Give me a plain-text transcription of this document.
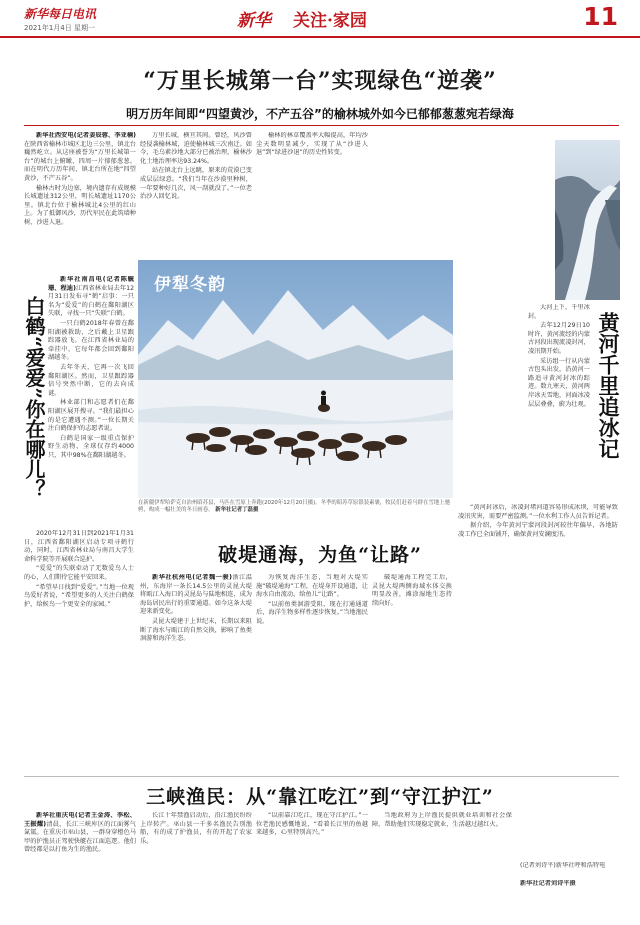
新华每日电讯
2021年1月4日 星期一	新华 关注·家园	11
“万里长城第一台”实现绿色“逆袭”
明万历年间即“四望黄沙，不产五谷”的榆林城外如今已郁郁葱葱宛若绿海

新华社西安电(记者姜辰蓉、李亚楠)在陕西省榆林市城区北边三公里，镇北台巍然屹立。从这座被誉为“万里长城第一台”的城台上俯瞰，四周一片郁郁葱葱。而在明代万历年间，镇北台所在地“四望黄沙，不产五谷”。

榆林古时为边塞，境内遗存有成规模长城遗址312公里，明长城遗址1170公里。镇北台位于榆林城北4公里的红山上。为了抵御风沙，历代军民在此筑墙种树，沙进人退。

万里长城，横亘其间。曾经，风沙曾经侵袭榆林城，迫使榆林城三次南迁。如今，毛乌素沙地大部分已被治理，榆林沙化土地治理率达93.24%。

站在镇北台上远眺，原来的荒漠已变成层层绿意。“我们当年在沙漠里种树，一年要种好几次，风一刮就没了。”一位老治沙人回忆说。

榆林的林草覆盖率大幅提高，年均沙尘天数明显减少，实现了从“沙进人退”到“绿进沙退”的历史性转变。

白鹤“爱爱”你在哪儿？

新华社南昌电(记者陈毓珊、程迪)江西省林业局去年12月31日发布寻“鹤”启事：一只名为“爱爱”的白鹤在鄱阳湖区失联，寻找一只“失联”白鹤。

一只白鹤2018年春曾在鄱阳湖被救助，之后戴上卫星跟踪器放飞。在江西省林业局的牵挂中，它每年都会回到鄱阳湖越冬。

去年冬天，它再一次飞回鄱阳湖区。然而，卫星跟踪器信号突然中断，它的去向成谜。

林业部门和志愿者们在鄱阳湖区展开搜寻。“我们最担心的是它遭遇不测。”一位长期关注白鹤保护的志愿者说。

白鹤是国家一级重点保护野生动物，全球仅存约4000只，其中98%在鄱阳湖越冬。

2020年12月31日到2021年1月31日，江西省鄱阳湖区启动专项寻鹤行动，同时，江西省林业局与南昌大学生命科学院等开展联合巡护。

“爱爱”的失联牵动了无数爱鸟人士的心，人们期待它能平安回来。

“希望早日找到“爱爱”。”当地一位观鸟爱好者说，“希望更多的人关注白鹤保护，给候鸟一个更安全的家园。”

伊犁冬韵
在新疆伊犁哈萨克自治州昭苏县，马匹在雪原上奔跑(2020年12月20日摄)。冬季的昭苏草原银装素裹，牧民们赶着马群在雪地上驰骋，构成一幅壮美的冬日画卷。 新华社记者丁磊摄
黄河千里追冰记

大河上下，千里冰封。

去年12月29日10时许，黄河流经的内蒙古河段出现流凌封河，凌汛期开始。

采访组一行从内蒙古包头出发，沿黄河一路追寻黄河封冰的踪迹。数九寒天，黄河两岸冰天雪地，河面冰凌层层叠叠，蔚为壮观。

“黄河封冰后，冰凌封堵河道容易形成冰坝，可能导致凌汛灾害，需要严密监测。”一位水利工作人员告诉记者。

据介绍，今年黄河宁蒙河段封河较往年偏早，各地防凌工作已全面铺开，确保黄河安澜度汛。

(记者刘诗平)新华社呼和浩特电
破堤通海，为鱼“让路”

新华社杭州电(记者魏一骏)浙江温州，东海岸一条长14.5公里的灵昆大堤将瓯江入海口的灵昆岛与陆地相连，成为海岛居民出行的重要通道。如今这条大堤迎来新变化。

灵昆大堤建于上世纪末，长期以来阻断了海水与瓯江的自然交换，影响了鱼类洄游和海洋生态。

为恢复海洋生态，当地对大堤实施“破堤通海”工程，在堤身开设通道，让海水自由流动，给鱼儿“让路”。

“以前鱼类洄游受阻，现在打通通道后，海洋生物多样性逐步恢复。”当地渔民说。

破堤通海工程完工后，灵昆大堤两侧海域水体交换明显改善，滩涂湿地生态持续向好。

三峡渔民：从“靠江吃江”到“守江护江”

新华社重庆电(记者王金涛、李松、王振耀)清晨，长江三峡库区的江面雾气氤氲。在重庆市巫山县，一群身穿橙色马甲的护渔员正驾驶快艇在江面巡逻。他们曾经都是以打鱼为生的渔民。

长江十年禁渔启动后，沿江渔民纷纷上岸转产。巫山县一千多名渔民告别渔船，有的成了护渔员，有的开起了农家乐。

“以前靠江吃江，现在守江护江。”一位老渔民感慨地说，“看着长江里的鱼越来越多，心里特别高兴。”

当地政府为上岸渔民提供就业培训和社会保障，帮助他们实现稳定就业，生活越过越红火。

新华社记者刘诗平摄
